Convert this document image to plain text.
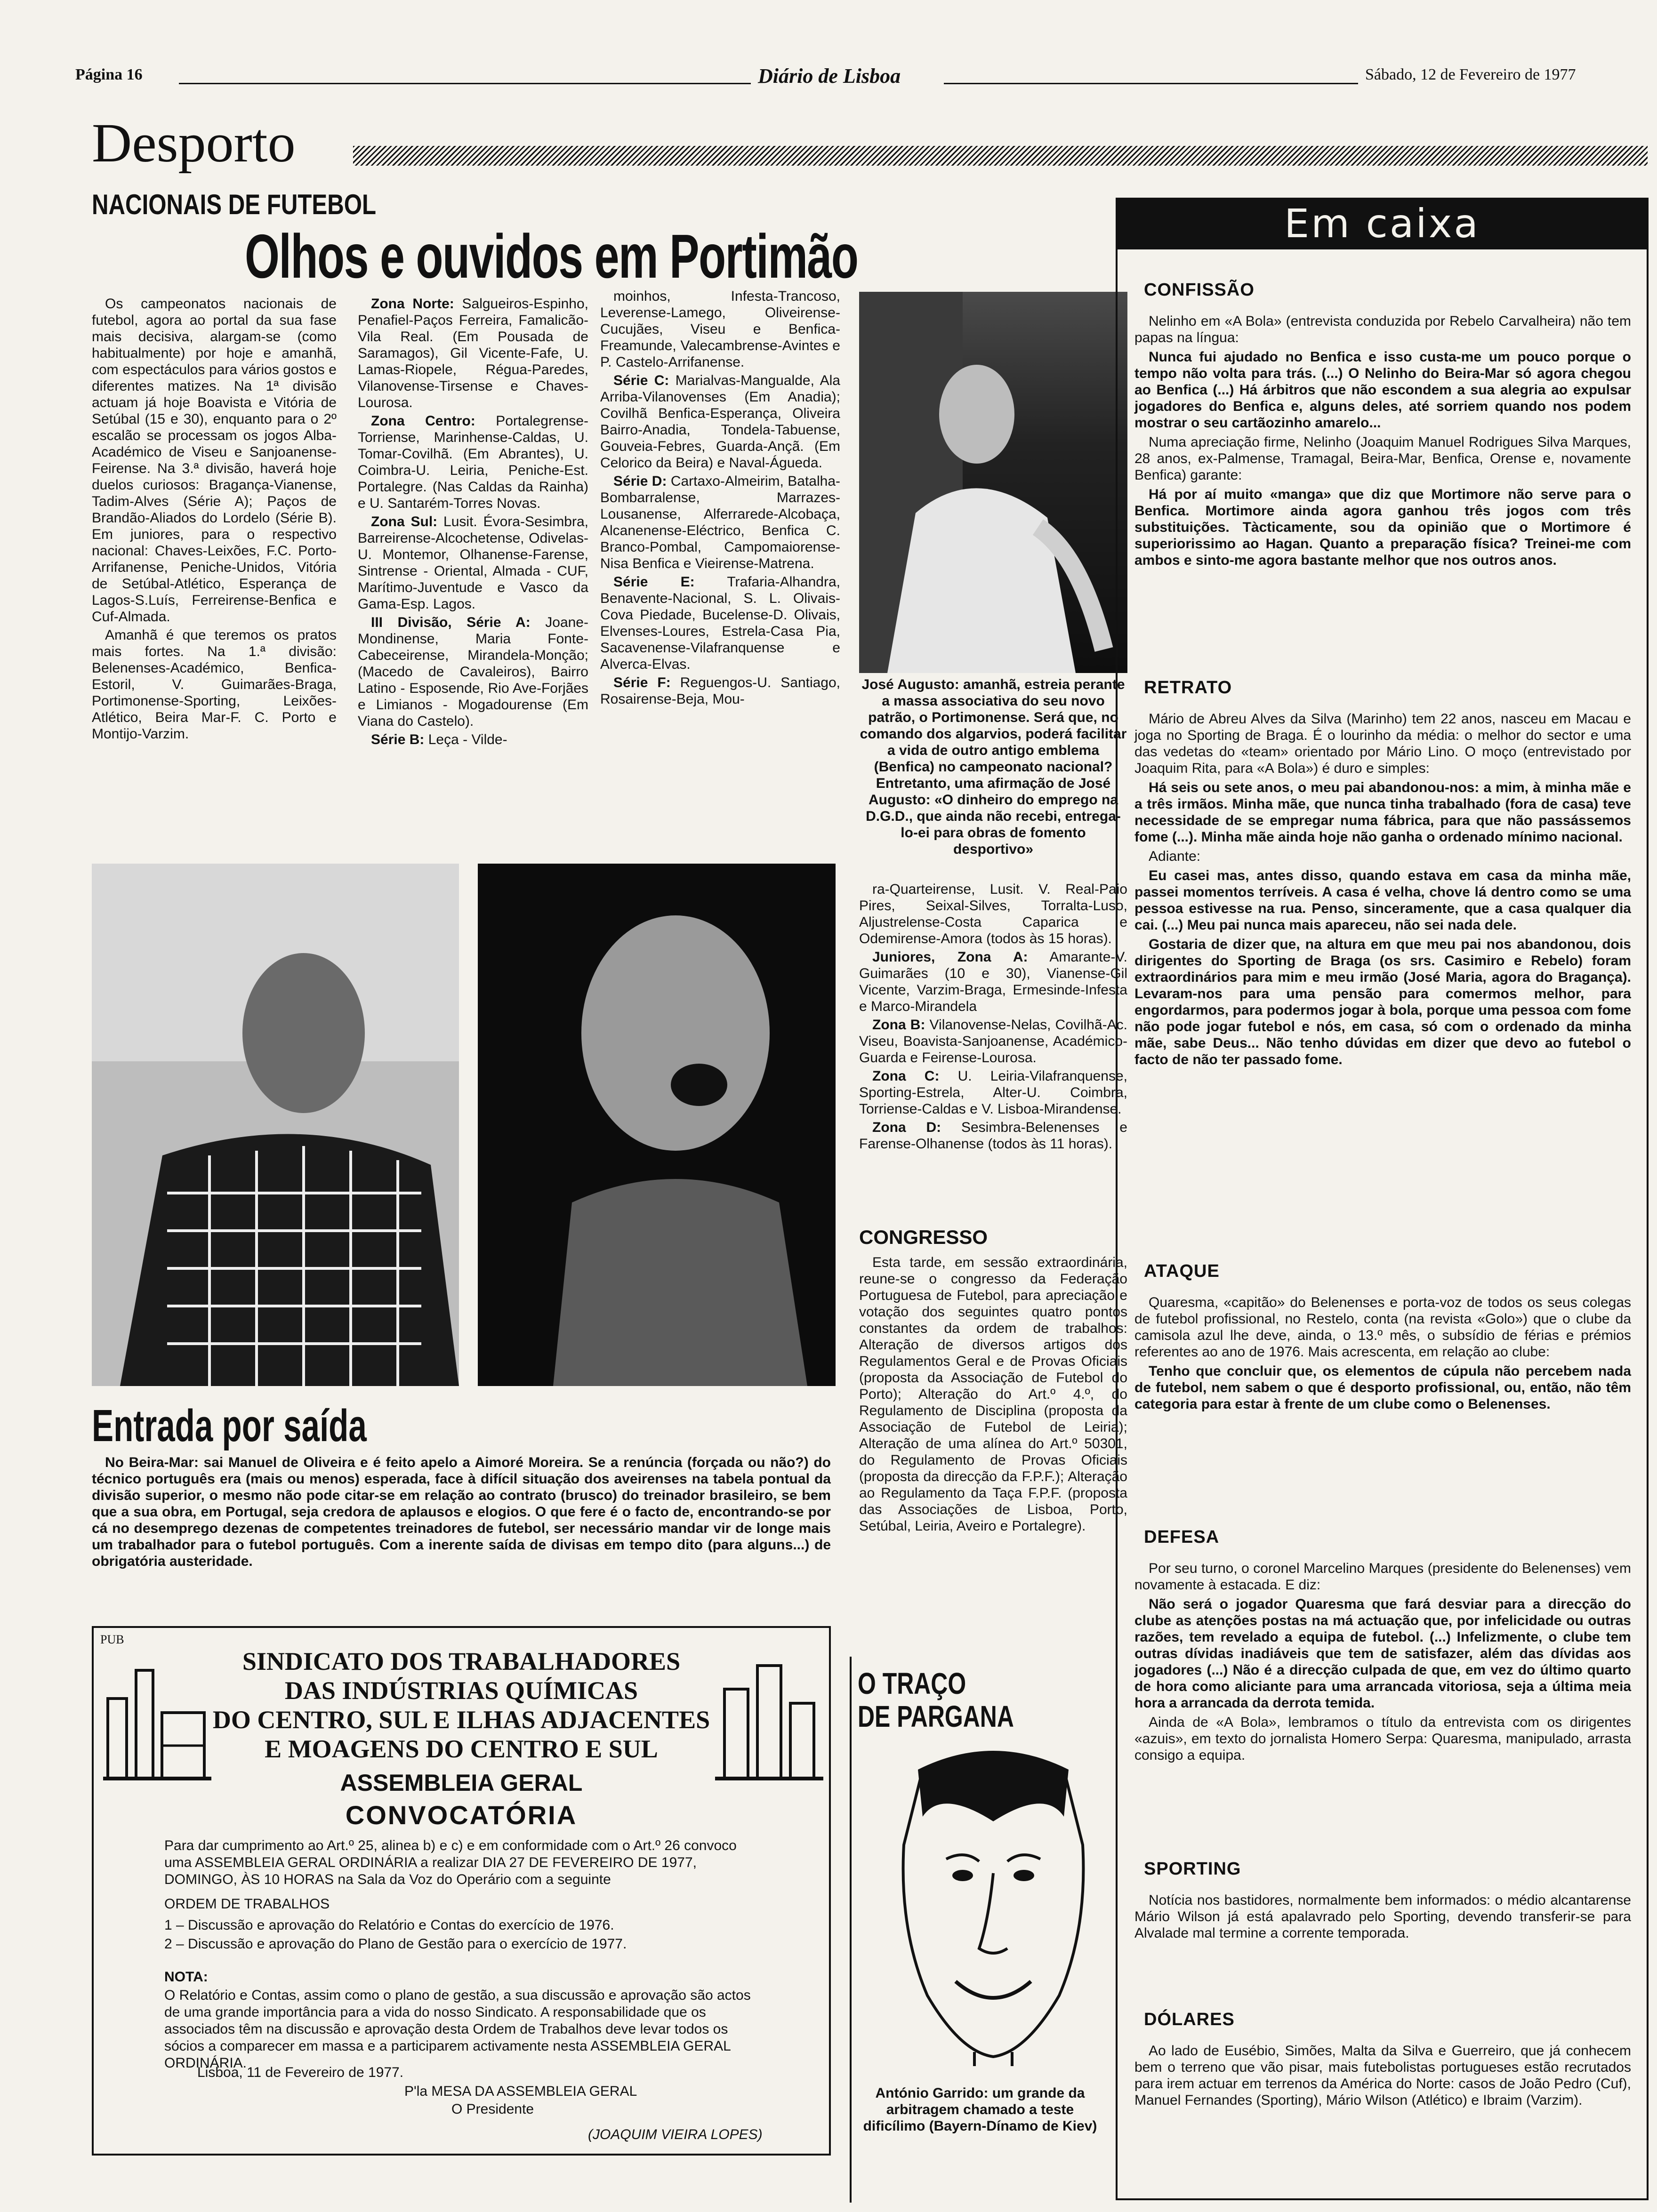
Página 16	Diário de Lisboa	Sábado, 12 de Fevereiro de 1977
Desporto
NACIONAIS DE FUTEBOL
Olhos e ouvidos em Portimão

Os campeonatos nacionais de futebol, agora ao portal da sua fase mais decisiva, alargam-se (como habitualmente) por hoje e amanhã, com espectáculos para vários gostos e diferentes matizes. Na 1ª divisão actuam já hoje Boavista e Vitória de Setúbal (15 e 30), enquanto para o 2º escalão se processam os jogos Alba-Académico de Viseu e Sanjoanense-Feirense. Na 3.ª divisão, haverá hoje duelos curiosos: Bragança-Vianense, Tadim-Alves (Série A); Paços de Brandão-Aliados do Lordelo (Série B). Em juniores, para o respectivo nacional: Chaves-Leixões, F.C. Porto-Arrifanense, Peniche-Unidos, Vitória de Setúbal-Atlético, Esperança de Lagos-S.Luís, Ferreirense-Benfica e Cuf-Almada.

Amanhã é que teremos os pratos mais fortes. Na 1.ª divisão: Belenenses-Académico, Benfica-Estoril, V. Guimarães-Braga, Portimonense-Sporting, Leixões-Atlético, Beira Mar-F. C. Porto e Montijo-Varzim.

Zona Norte: Salgueiros-Espinho, Penafiel-Paços Ferreira, Famalicão-Vila Real. (Em Pousada de Saramagos), Gil Vicente-Fafe, U. Lamas-Riopele, Régua-Paredes, Vilanovense-Tirsense e Chaves-Lourosa.

Zona Centro: Portalegrense-Torriense, Marinhense-Caldas, U. Tomar-Covilhã. (Em Abrantes), U. Coimbra-U. Leiria, Peniche-Est. Portalegre. (Nas Caldas da Rainha) e U. Santarém-Torres Novas.

Zona Sul: Lusit. Évora-Sesimbra, Barreirense-Alcochetense, Odivelas-U. Montemor, Olhanense-Farense, Sintrense - Oriental, Almada - CUF, Marítimo-Juventude e Vasco da Gama-Esp. Lagos.

III Divisão, Série A: Joane-Mondinense, Maria Fonte-Cabeceirense, Mirandela-Monção; (Macedo de Cavaleiros), Bairro Latino - Esposende, Rio Ave-Forjães e Limianos - Mogadourense (Em Viana do Castelo).

Série B: Leça - Vilde-

moinhos, Infesta-Trancoso, Leverense-Lamego, Oliveirense-Cucujães, Viseu e Benfica-Freamunde, Valecambrense-Avintes e P. Castelo-Arrifanense.

Série C: Marialvas-Mangualde, Ala Arriba-Vilanovenses (Em Anadia); Covilhã Benfica-Esperança, Oliveira Bairro-Anadia, Tondela-Tabuense, Gouveia-Febres, Guarda-Ançã. (Em Celorico da Beira) e Naval-Águeda.

Série D: Cartaxo-Almeirim, Batalha-Bombarralense, Marrazes-Lousanense, Alferrarede-Alcobaça, Alcanenense-Eléctrico, Benfica C. Branco-Pombal, Campomaiorense-Nisa Benfica e Vieirense-Matrena.

Série E: Trafaria-Alhandra, Benavente-Nacional, S. L. Olivais-Cova Piedade, Bucelense-D. Olivais, Elvenses-Loures, Estrela-Casa Pia, Sacavenense-Vilafranquense e Alverca-Elvas.

Série F: Reguengos-U. Santiago, Rosairense-Beja, Mou-

José Augusto: amanhã, estreia perante a massa associativa do seu novo patrão, o Portimonense. Será que, no comando dos algarvios, poderá facilitar a vida de outro antigo emblema (Benfica) no campeonato nacional? Entretanto, uma afirmação de José Augusto: «O dinheiro do emprego na D.G.D., que ainda não recebi, entrega-lo-ei para obras de fomento desportivo»

ra-Quarteirense, Lusit. V. Real-Paio Pires, Seixal-Silves, Torralta-Luso, Aljustrelense-Costa Caparica e Odemirense-Amora (todos às 15 horas).

Juniores, Zona A: Amarante-V. Guimarães (10 e 30), Vianense-Gil Vicente, Varzim-Braga, Ermesinde-Infesta e Marco-Mirandela

Zona B: Vilanovense-Nelas, Covilhã-Ac. Viseu, Boavista-Sanjoanense, Académico-Guarda e Feirense-Lourosa.

Zona C: U. Leiria-Vilafranquense, Sporting-Estrela, Alter-U. Coimbra, Torriense-Caldas e V. Lisboa-Mirandense.

Zona D: Sesimbra-Belenenses e Farense-Olhanense (todos às 11 horas).

CONGRESSO

Esta tarde, em sessão extraordinária, reune-se o congresso da Federação Portuguesa de Futebol, para apreciação e votação dos seguintes quatro pontos constantes da ordem de trabalhos: Alteração de diversos artigos dos Regulamentos Geral e de Provas Oficiais (proposta da Associação de Futebol do Porto); Alteração do Art.º 4.º, do Regulamento de Disciplina (proposta da Associação de Futebol de Leiria); Alteração de uma alínea do Art.º 50301, do Regulamento de Provas Oficiais (proposta da direcção da F.P.F.); Alteração ao Regulamento da Taça F.P.F. (proposta das Associações de Lisboa, Porto, Setúbal, Leiria, Aveiro e Portalegre).

Entrada por saída

No Beira-Mar: sai Manuel de Oliveira e é feito apelo a Aimoré Moreira. Se a renúncia (forçada ou não?) do técnico português era (mais ou menos) esperada, face à difícil situação dos aveirenses na tabela pontual da divisão superior, o mesmo não pode citar-se em relação ao contrato (brusco) do treinador brasileiro, se bem que a sua obra, em Portugal, seja credora de aplausos e elogios. O que fere é o facto de, encontrando-se por cá no desemprego dezenas de competentes treinadores de futebol, ser necessário mandar vir de longe mais um trabalhador para o futebol português. Com a inerente saída de divisas em tempo dito (para alguns...) de obrigatória austeridade.

PUB
SINDICATO DOS TRABALHADORES
DAS INDÚSTRIAS QUÍMICAS
DO CENTRO, SUL E ILHAS ADJACENTES
E MOAGENS DO CENTRO E SUL
ASSEMBLEIA GERAL
CONVOCATÓRIA
Para dar cumprimento ao Art.º 25, alinea b) e c) e em conformidade com o Art.º 26 convoco uma ASSEMBLEIA GERAL ORDINÁRIA a realizar DIA 27 DE FEVEREIRO DE 1977, DOMINGO, ÀS 10 HORAS na Sala da Voz do Operário com a seguinte
ORDEM DE TRABALHOS
1 – Discussão e aprovação do Relatório e Contas do exercício de 1976.
2 – Discussão e aprovação do Plano de Gestão para o exercício de 1977.
NOTA:
O Relatório e Contas, assim como o plano de gestão, a sua discussão e aprovação são actos de uma grande importância para a vida do nosso Sindicato. A responsabilidade que os associados têm na discussão e aprovação desta Ordem de Trabalhos deve levar todos os sócios a comparecer em massa e a participarem activamente nesta ASSEMBLEIA GERAL ORDINÁRIA.
Lisboa, 11 de Fevereiro de 1977.
P'la MESA DA ASSEMBLEIA GERAL
O Presidente
(JOAQUIM VIEIRA LOPES)
O TRAÇO
DE PARGANA
António Garrido: um grande da arbitragem chamado a teste dificílimo (Bayern-Dínamo de Kiev)
Em caixa
CONFISSÃO

Nelinho em «A Bola» (entrevista conduzida por Rebelo Carvalheira) não tem papas na língua:

Nunca fui ajudado no Benfica e isso custa-me um pouco porque o tempo não volta para trás. (...) O Nelinho do Beira-Mar só agora chegou ao Benfica (...) Há árbitros que não escondem a sua alegria ao expulsar jogadores do Benfica e, alguns deles, até sorriem quando nos podem mostrar o seu cartãozinho amarelo...

Numa apreciação firme, Nelinho (Joaquim Manuel Rodrigues Silva Marques, 28 anos, ex-Palmense, Tramagal, Beira-Mar, Benfica, Orense e, novamente Benfica) garante:

Há por aí muito «manga» que diz que Mortimore não serve para o Benfica. Mortimore ainda agora ganhou três jogos com três substituições. Tàcticamente, sou da opinião que o Mortimore é superiorissimo ao Hagan. Quanto a preparação física? Treinei-me com ambos e sinto-me agora bastante melhor que nos outros anos.

RETRATO

Mário de Abreu Alves da Silva (Marinho) tem 22 anos, nasceu em Macau e joga no Sporting de Braga. É o lourinho da média: o melhor do sector e uma das vedetas do «team» orientado por Mário Lino. O moço (entrevistado por Joaquim Rita, para «A Bola») é duro e simples:

Há seis ou sete anos, o meu pai abandonou-nos: a mim, à minha mãe e a três irmãos. Minha mãe, que nunca tinha trabalhado (fora de casa) teve necessidade de se empregar numa fábrica, para que não passássemos fome (...). Minha mãe ainda hoje não ganha o ordenado mínimo nacional.

Adiante:

Eu casei mas, antes disso, quando estava em casa da minha mãe, passei momentos terríveis. A casa é velha, chove lá dentro como se uma pessoa estivesse na rua. Penso, sinceramente, que a casa qualquer dia cai. (...) Meu pai nunca mais apareceu, não sei nada dele.

Gostaria de dizer que, na altura em que meu pai nos abandonou, dois dirigentes do Sporting de Braga (os srs. Casimiro e Rebelo) foram extraordinários para mim e meu irmão (José Maria, agora do Bragança). Levaram-nos para uma pensão para comermos melhor, para engordarmos, para podermos jogar à bola, porque uma pessoa com fome não pode jogar futebol e nós, em casa, só com o ordenado da minha mãe, sabe Deus... Não tenho dúvidas em dizer que devo ao futebol o facto de não ter passado fome.

ATAQUE

Quaresma, «capitão» do Belenenses e porta-voz de todos os seus colegas de futebol profissional, no Restelo, conta (na revista «Golo») que o clube da camisola azul lhe deve, ainda, o 13.º mês, o subsídio de férias e prémios referentes ao ano de 1976. Mais acrescenta, em relação ao clube:

Tenho que concluir que, os elementos de cúpula não percebem nada de futebol, nem sabem o que é desporto profissional, ou, então, não têm categoria para estar à frente de um clube como o Belenenses.

DEFESA

Por seu turno, o coronel Marcelino Marques (presidente do Belenenses) vem novamente à estacada. E diz:

Não será o jogador Quaresma que fará desviar para a direcção do clube as atenções postas na má actuação que, por infelicidade ou outras razões, tem revelado a equipa de futebol. (...) Infelizmente, o clube tem outras dívidas inadiáveis que tem de satisfazer, além das dívidas aos jogadores (...) Não é a direcção culpada de que, em vez do último quarto de hora como aliciante para uma arrancada vitoriosa, seja a última meia hora a arrancada da derrota temida.

Ainda de «A Bola», lembramos o título da entrevista com os dirigentes «azuis», em texto do jornalista Homero Serpa: Quaresma, manipulado, arrasta consigo a equipa.

SPORTING

Notícia nos bastidores, normalmente bem informados: o médio alcantarense Mário Wilson já está apalavrado pelo Sporting, devendo transferir-se para Alvalade mal termine a corrente temporada.

DÓLARES

Ao lado de Eusébio, Simões, Malta da Silva e Guerreiro, que já conhecem bem o terreno que vão pisar, mais futebolistas portugueses estão recrutados para irem actuar em terrenos da América do Norte: casos de João Pedro (Cuf), Manuel Fernandes (Sporting), Mário Wilson (Atlético) e Ibraim (Varzim).
